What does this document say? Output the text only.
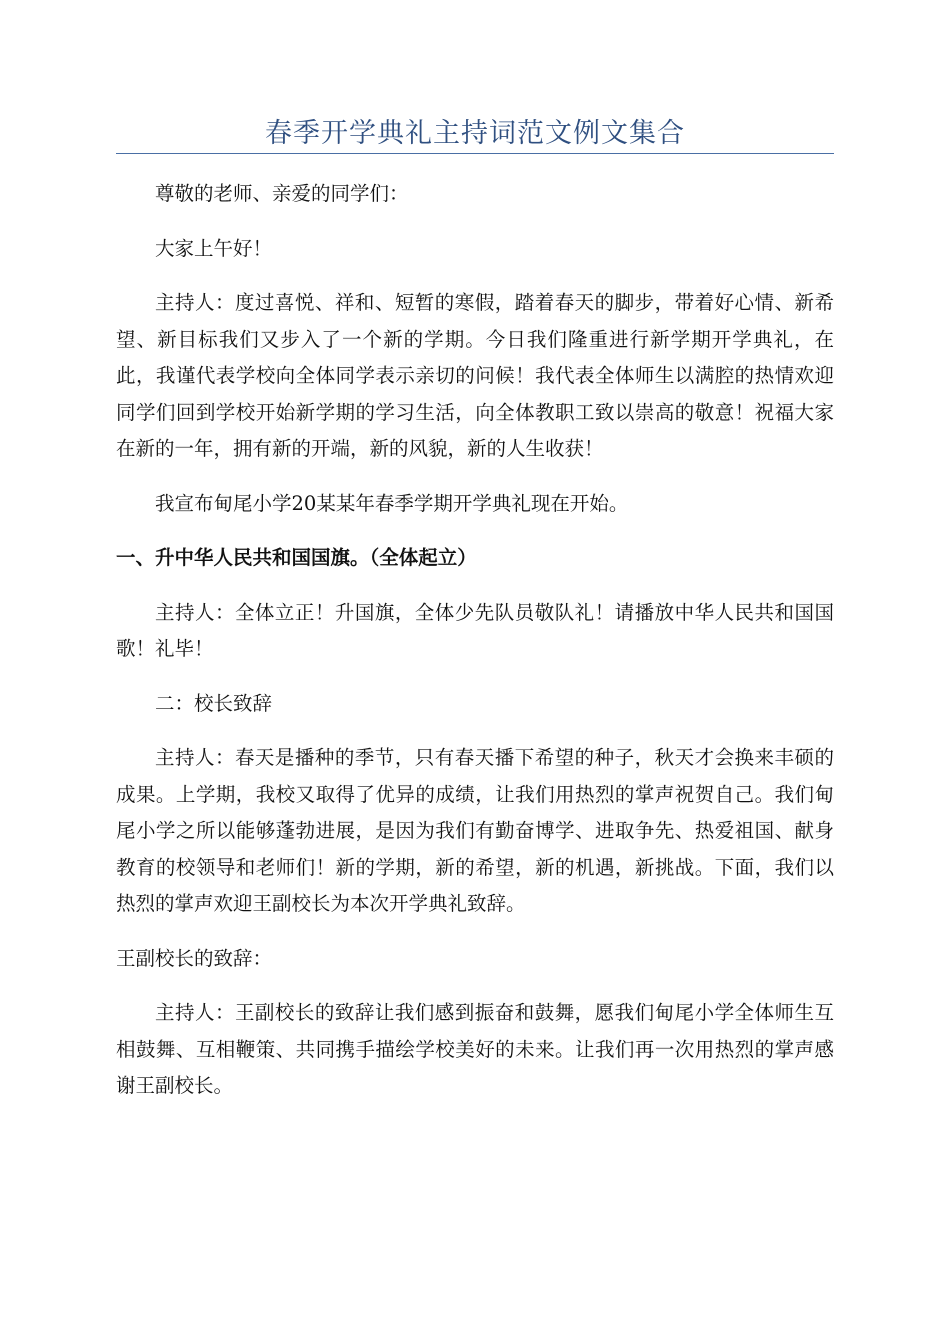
春季开学典礼主持词范文例文集合

尊敬的老师、亲爱的同学们：

大家上午好！

主持人：度过喜悦、祥和、短暂的寒假，踏着春天的脚步，带着好心情、新希望、新目标我们又步入了一个新的学期。今日我们隆重进行新学期开学典礼，在此，我谨代表学校向全体同学表示亲切的问候！我代表全体师生以满腔的热情欢迎同学们回到学校开始新学期的学习生活，向全体教职工致以崇高的敬意！祝福大家在新的一年，拥有新的开端，新的风貌，新的人生收获！

我宣布甸尾小学20某某年春季学期开学典礼现在开始。

一、升中华人民共和国国旗。（全体起立）

主持人：全体立正！升国旗，全体少先队员敬队礼！请播放中华人民共和国国歌！礼毕！

二：校长致辞

主持人：春天是播种的季节，只有春天播下希望的种子，秋天才会换来丰硕的成果。上学期，我校又取得了优异的成绩，让我们用热烈的掌声祝贺自己。我们甸尾小学之所以能够蓬勃进展，是因为我们有勤奋博学、进取争先、热爱祖国、献身教育的校领导和老师们！新的学期，新的希望，新的机遇，新挑战。下面，我们以热烈的掌声欢迎王副校长为本次开学典礼致辞。

王副校长的致辞：

主持人：王副校长的致辞让我们感到振奋和鼓舞，愿我们甸尾小学全体师生互相鼓舞、互相鞭策、共同携手描绘学校美好的未来。让我们再一次用热烈的掌声感谢王副校长。
